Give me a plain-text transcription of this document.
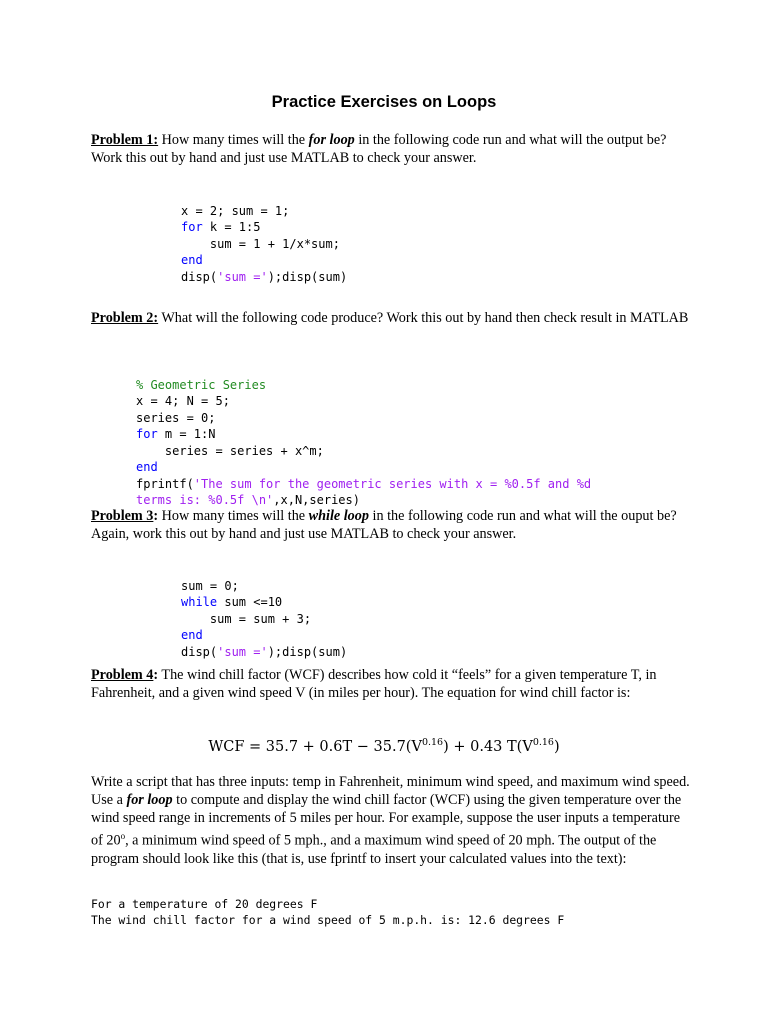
Practice Exercises on Loops
Problem 1: How many times will the for loop in the following code run and what will the output be? Work this out by hand and just use MATLAB to check your answer.

x = 2; sum = 1;
for k = 1:5
sum = 1 + 1/x*sum;
end
disp('sum =');disp(sum)
Problem 2: What will the following code produce? Work this out by hand then check result in MATLAB

% Geometric Series
x = 4; N = 5;
series = 0;
for m = 1:N
series = series + x^m;
end
fprintf('The sum for the geometric series with x = %0.5f and %d
terms is: %0.5f \n',x,N,series)
Problem 3: How many times will the while loop in the following code run and what will the ouput be? Again, work this out by hand and just use MATLAB to check your answer.

sum = 0;
while sum <=10
sum = sum + 3;
end
disp('sum =');disp(sum)
Problem 4: The wind chill factor (WCF) describes how cold it “feels” for a given temperature T, in Fahrenheit, and a given wind speed V (in miles per hour). The equation for wind chill factor is:
WCF = $35.7 + 0.6T - 35.7(V^{0.16}) + 0.43$ $T(V^{0.16})$
Write a script that has three inputs: temp in Fahrenheit, minimum wind speed, and maximum wind speed. Use a for loop to compute and display the wind chill factor (WCF) using the given temperature over the wind speed range in increments of 5 miles per hour. For example, suppose the user inputs a temperature of 20$^o$, a minimum wind speed of 5 mph., and a maximum wind speed of 20 mph. The output of the program should look like this (that is, use fprintf to insert your calculated values into the text):
For a temperature of 20 degrees F
The wind chill factor for a wind speed of 5 m.p.h. is: 12.6 degrees F
